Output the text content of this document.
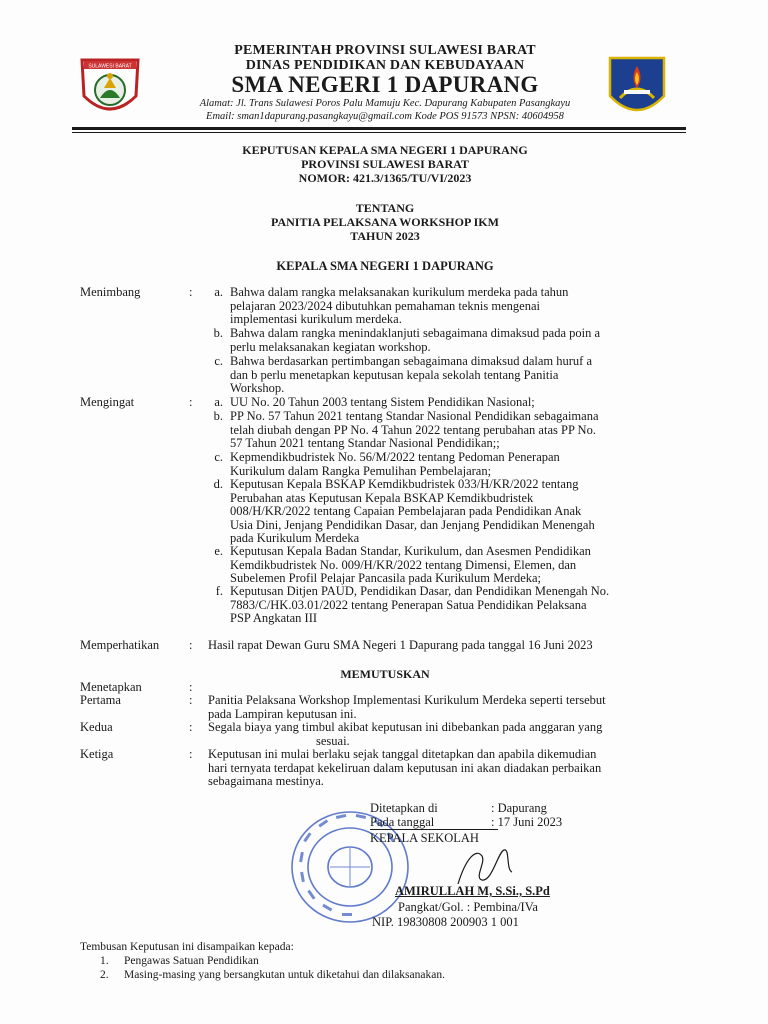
SULAWESI BARAT
PEMERINTAH PROVINSI SULAWESI BARAT
DINAS PENDIDIKAN DAN KEBUDAYAAN
SMA NEGERI 1 DAPURANG
Alamat: Jl. Trans Sulawesi Poros Palu Mamuju Kec. Dapurang Kabupaten Pasangkayu
Email: sman1dapurang.pasangkayu@gmail.com Kode POS 91573 NPSN: 40604958
KEPUTUSAN KEPALA SMA NEGERI 1 DAPURANG
PROVINSI SULAWESI BARAT
NOMOR: 421.3/1365/TU/VI/2023
TENTANG
PANITIA PELAKSANA WORKSHOP IKM
TAHUN 2023
KEPALA SMA NEGERI 1 DAPURANG
Menimbang	:	a. Bahwa dalam rangka melaksanakan kurikulum merdeka pada tahun
pelajaran 2023/2024 dibutuhkan pemahaman teknis mengenai
implementasi kurikulum merdeka.
b. Bahwa dalam rangka menindaklanjuti sebagaimana dimaksud pada poin a
perlu melaksanakan kegiatan workshop.
c. Bahwa berdasarkan pertimbangan sebagaimana dimaksud dalam huruf a
dan b perlu menetapkan keputusan kepala sekolah tentang Panitia
Workshop.
Mengingat	:	a. UU No. 20 Tahun 2003 tentang Sistem Pendidikan Nasional;
b. PP No. 57 Tahun 2021 tentang Standar Nasional Pendidikan sebagaimana
telah diubah dengan PP No. 4 Tahun 2022 tentang perubahan atas PP No.
57 Tahun 2021 tentang Standar Nasional Pendidikan;;
c. Kepmendikbudristek No. 56/M/2022 tentang Pedoman Penerapan
Kurikulum dalam Rangka Pemulihan Pembelajaran;
d. Keputusan Kepala BSKAP Kemdikbudristek 033/H/KR/2022 tentang
Perubahan atas Keputusan Kepala BSKAP Kemdikbudristek
008/H/KR/2022 tentang Capaian Pembelajaran pada Pendidikan Anak
Usia Dini, Jenjang Pendidikan Dasar, dan Jenjang Pendidikan Menengah
pada Kurikulum Merdeka
e. Keputusan Kepala Badan Standar, Kurikulum, dan Asesmen Pendidikan
Kemdikbudristek No. 009/H/KR/2022 tentang Dimensi, Elemen, dan
Subelemen Profil Pelajar Pancasila pada Kurikulum Merdeka;
f. Keputusan Ditjen PAUD, Pendidikan Dasar, dan Pendidikan Menengah No.
7883/C/HK.03.01/2022 tentang Penerapan Satua Pendidikan Pelaksana
PSP Angkatan III
Memperhatikan : Hasil rapat Dewan Guru SMA Negeri 1 Dapurang pada tanggal 16 Juni 2023
MEMUTUSKAN
Menetapkan	:
Pertama	: Panitia Pelaksana Workshop Implementasi Kurikulum Merdeka seperti tersebut
pada Lampiran keputusan ini.
Kedua	: Segala biaya yang timbul akibat keputusan ini dibebankan pada anggaran yang
sesuai.
Ketiga	: Keputusan ini mulai berlaku sejak tanggal ditetapkan dan apabila dikemudian
hari ternyata terdapat kekeliruan dalam keputusan ini akan diadakan perbaikan
sebagaimana mestinya.
Ditetapkan di	: Dapurang
Pada tanggal	: 17 Juni 2023
KEPALA SEKOLAH
AMIRULLAH M, S.Si., S.Pd
Pangkat/Gol. : Pembina/IVa
NIP. 19830808 200903 1 001
Tembusan Keputusan ini disampaikan kepada:
1. Pengawas Satuan Pendidikan
2. Masing-masing yang bersangkutan untuk diketahui dan dilaksanakan.
